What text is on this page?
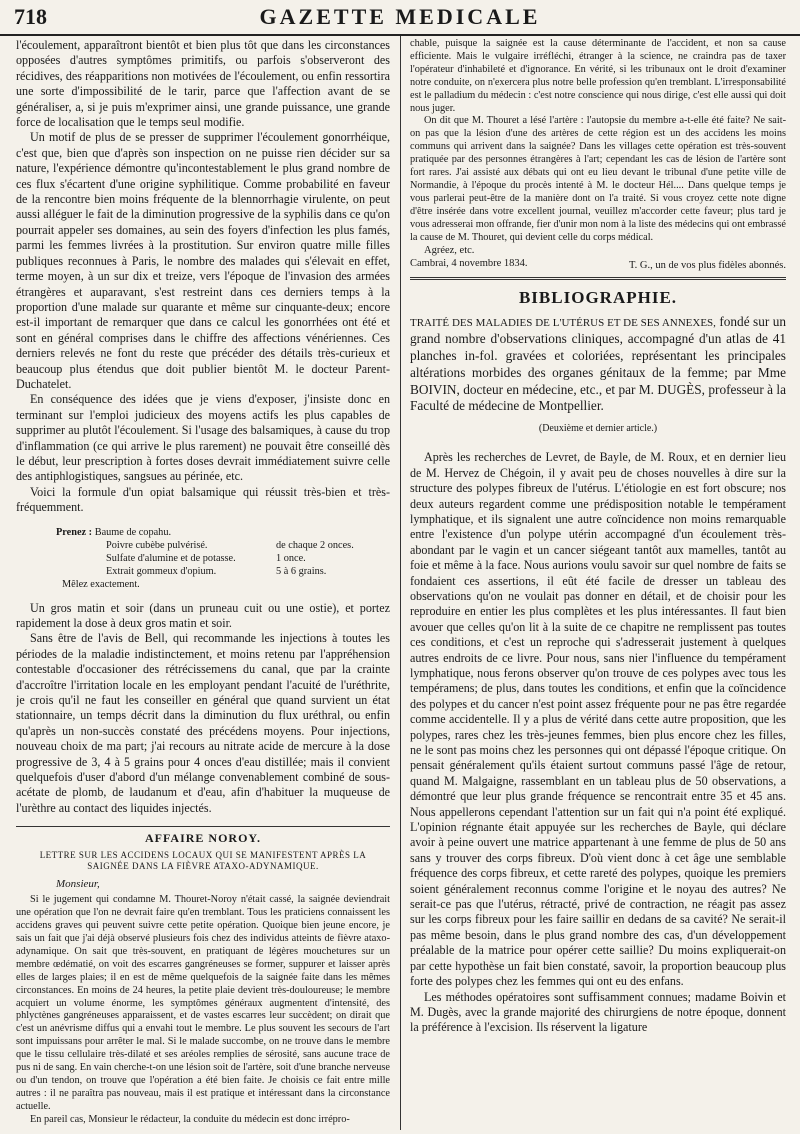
718	GAZETTE MEDICALE

l'écoulement, apparaîtront bientôt et bien plus tôt que dans les circonstances opposées d'autres symptômes primitifs, ou parfois s'observeront des récidives, des réapparitions non motivées de l'écoulement, ou enfin ressortira une sorte d'impossibilité de le tarir, parce que l'affection avant de se généraliser, a, si je puis m'exprimer ainsi, une grande puissance, une grande force de localisation que le temps seul modifie.

Un motif de plus de se presser de supprimer l'écoulement gonorrhéique, c'est que, bien que d'après son inspection on ne puisse rien décider sur sa nature, l'expérience démontre qu'incontestablement le plus grand nombre de ces flux s'écartent d'une origine syphilitique. Comme probabilité en faveur de la rencontre bien moins fréquente de la blennorrhagie virulente, on peut aussi alléguer le fait de la diminution progressive de la syphilis dans ce qu'on pourrait appeler ses domaines, au sein des foyers d'infection les plus famés, parmi les femmes livrées à la prostitution. Sur environ quatre mille filles publiques reconnues à Paris, le nombre des malades qui s'élevait en effet, terme moyen, à un sur dix et treize, vers l'époque de l'invasion des armées étrangères et auparavant, s'est restreint dans ces derniers temps à la proportion d'une malade sur quarante et même sur cinquante-deux; encore est-il important de remarquer que dans ce calcul les gonorrhées ont été et sont en général comprises dans le chiffre des affections vénériennes. Ces derniers relevés ne font du reste que précéder des détails très-curieux et beaucoup plus étendus que doit publier bientôt M. le docteur Parent-Duchatelet.

En conséquence des idées que je viens d'exposer, j'insiste donc en terminant sur l'emploi judicieux des moyens actifs les plus capables de supprimer au plutôt l'écoulement. Si l'usage des balsamiques, à cause du trop d'inflammation (ce qui arrive le plus rarement) ne pouvait être conseillé dès le début, leur prescription à fortes doses devrait immédiatement suivre celle des antiphlogistiques, sangsues au périnée, etc.

Voici la formule d'un opiat balsamique qui réussit très-bien et très-fréquemment.

Prenez :
Baume de copahu.
Poivre cubèbe pulvérisé.	de chaque 2 onces.
Sulfate d'alumine et de potasse.	1 once.
Extrait gommeux d'opium.	5 à 6 grains.
Mêlez exactement.

Un gros matin et soir (dans un pruneau cuit ou une ostie), et portez rapidement la dose à deux gros matin et soir.

Sans être de l'avis de Bell, qui recommande les injections à toutes les périodes de la maladie indistinctement, et moins retenu par l'appréhension contestable d'occasioner des rétrécissemens du canal, que par la crainte d'accroître l'irritation locale en les employant pendant l'acuité de l'uréthrite, je crois qu'il ne faut les conseiller en général que quand survient un état stationnaire, un temps décrit dans la diminution du flux uréthral, ou enfin qu'après un non-succès constaté des précédens moyens. Pour injections, nouveau choix de ma part; j'ai recours au nitrate acide de mercure à la dose progressive de 3, 4 à 5 grains pour 4 onces d'eau distillée; mais il convient quelquefois d'user d'abord d'un mélange convenablement combiné de sous-acétate de plomb, de laudanum et d'eau, afin d'habituer la muqueuse de l'urèthre au contact des liquides injectés.

AFFAIRE NOROY.
LETTRE SUR LES ACCIDENS LOCAUX QUI SE MANIFESTENT APRÈS LA SAIGNÉE DANS LA FIÈVRE ATAXO-ADYNAMIQUE.
Monsieur,

Si le jugement qui condamne M. Thouret-Noroy n'était cassé, la saignée deviendrait une opération que l'on ne devrait faire qu'en tremblant. Tous les praticiens connaissent les accidens graves qui peuvent suivre cette petite opération. Quoique bien jeune encore, je sais un fait que j'ai déjà observé plusieurs fois chez des individus atteints de fièvre ataxo-adynamique. On sait que très-souvent, en pratiquant de légères mouchetures sur un membre œdématié, on voit des escarres gangréneuses se former, suppurer et laisser après elles de larges plaies; il en est de même quelquefois de la saignée faite dans les mêmes circonstances. En moins de 24 heures, la petite plaie devient très-douloureuse; le membre acquiert un volume énorme, les symptômes généraux augmentent d'intensité, des phlyctènes gangréneuses apparaissent, et de vastes escarres leur succèdent; on dirait que c'est un anévrisme diffus qui a envahi tout le membre. Le plus souvent les secours de l'art sont impuissans pour arrêter le mal. Si le malade succombe, on ne trouve dans le membre que le tissu cellulaire très-dilaté et ses aréoles remplies de sérosité, sans aucune trace de pus ni de sang. En vain cherche-t-on une lésion soit de l'artère, soit d'une branche nerveuse ou d'un tendon, on trouve que l'opération a été bien faite. Je choisis ce fait entre mille autres : il ne paraîtra pas nouveau, mais il est pratique et intéressant dans la circonstance actuelle.

En pareil cas, Monsieur le rédacteur, la conduite du médecin est donc irrépro-

chable, puisque la saignée est la cause déterminante de l'accident, et non sa cause efficiente. Mais le vulgaire irréfléchi, étranger à la science, ne craindra pas de taxer l'opérateur d'inhabileté et d'ignorance. En vérité, si les tribunaux ont le droit d'examiner notre conduite, on n'exercera plus notre belle profession qu'en tremblant. L'irresponsabilité est le palladium du médecin : c'est notre conscience qui nous dirige, c'est elle aussi qui doit nous juger.

On dit que M. Thouret a lésé l'artère : l'autopsie du membre a-t-elle été faite? Ne sait-on pas que la lésion d'une des artères de cette région est un des accidens les moins communs qui arrivent dans la saignée? Dans les villages cette opération est très-souvent pratiquée par des personnes étrangères à l'art; cependant les cas de lésion de l'artère sont fort rares. J'ai assisté aux débats qui ont eu lieu devant le tribunal d'une petite ville de Normandie, à l'époque du procès intenté à M. le docteur Hél.... Dans quelque temps je vous parlerai peut-être de la manière dont on l'a traité. Si vous croyez cette note digne d'être insérée dans votre excellent journal, veuillez m'accorder cette faveur; plus tard je vous adresserai mon offrande, fier d'unir mon nom à la liste des médecins qui ont embrassé la cause de M. Thouret, qui devient celle du corps médical.

Agréez, etc.
T. G., un de vos plus fidèles abonnés.
Cambrai, 4 novembre 1834.
BIBLIOGRAPHIE.

TRAITÉ DES MALADIES DE L'UTÉRUS ET DE SES ANNEXES, fondé sur un grand nombre d'observations cliniques, accompagné d'un atlas de 41 planches in-fol. gravées et coloriées, représentant les principales altérations morbides des organes génitaux de la femme; par Mme BOIVIN, docteur en médecine, etc., et par M. DUGÈS, professeur à la Faculté de médecine de Montpellier.

(Deuxième et dernier article.)

Après les recherches de Levret, de Bayle, de M. Roux, et en dernier lieu de M. Hervez de Chégoin, il y avait peu de choses nouvelles à dire sur la structure des polypes fibreux de l'utérus. L'étiologie en est fort obscure; nos deux auteurs regardent comme une prédisposition notable le tempérament lymphatique, et ils signalent une autre coïncidence non moins remarquable entre l'existence d'un polype utérin accompagné d'un écoulement très-abondant par le vagin et un cancer siégeant tantôt aux mamelles, tantôt au foie et même à la face. Nous aurions voulu savoir sur quel nombre de faits se fondaient ces assertions, il eût été facile de dresser un tableau des observations qu'on ne voulait pas donner en détail, et de choisir pour les reproduire en entier les plus complètes et les plus intéressantes. Il faut bien avouer que celles qu'on lit à la suite de ce chapitre ne remplissent pas toutes ces conditions, et c'est un reproche qui s'adresserait justement à quelques autres endroits de ce livre. Pour nous, sans nier l'influence du tempérament lymphatique, nous ferons observer qu'on trouve de ces polypes avec tous les tempéramens; de plus, dans toutes les conditions, et enfin que la coïncidence des polypes et du cancer n'est point assez fréquente pour ne pas être regardée comme accidentelle. Il y a plus de vérité dans cette autre proposition, que les polypes, rares chez les très-jeunes femmes, bien plus encore chez les filles, ne le sont pas moins chez les personnes qui ont dépassé l'époque critique. On pensait généralement qu'ils étaient surtout communs passé l'âge de retour, quand M. Malgaigne, rassemblant en un tableau plus de 50 observations, a démontré que leur plus grande fréquence se rencontrait entre 35 et 45 ans. Nous appellerons cependant l'attention sur un fait qui n'a point été expliqué. L'opinion régnante était appuyée sur les recherches de Bayle, qui déclare avoir à peine ouvert une matrice appartenant à une femme de plus de 50 ans sans y trouver des corps fibreux. D'où vient donc à cet âge une semblable fréquence des corps fibreux, et cette rareté des polypes, quoique les premiers soient généralement reconnus comme l'origine et le noyau des autres? Ne serait-ce pas que l'utérus, rétracté, privé de contraction, ne réagit pas assez sur les corps fibreux pour les faire saillir en dedans de sa cavité? Ne serait-il pas même besoin, dans le plus grand nombre des cas, d'un développement préalable de la matrice pour opérer cette saillie? Du moins expliquerait-on par cette hypothèse un fait bien constaté, savoir, la proportion beaucoup plus forte des polypes chez les femmes qui ont eu des enfans.

Les méthodes opératoires sont suffisamment connues; madame Boivin et M. Dugès, avec la grande majorité des chirurgiens de notre époque, donnent la préférence à l'excision. Ils réservent la ligature
